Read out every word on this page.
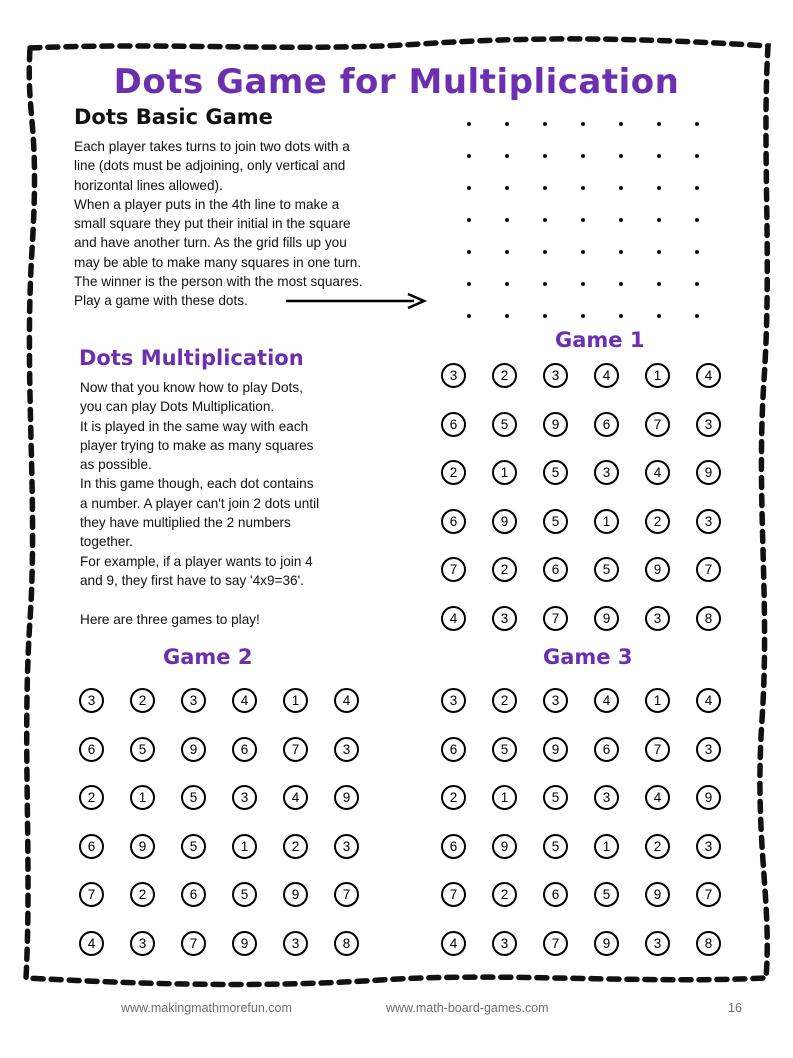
Dots Game for Multiplication
Dots Basic Game
Each player takes turns to join two dots with a
line (dots must be adjoining, only vertical and
horizontal lines allowed).
When a player puts in the 4th line to make a
small square they put their initial in the square
and have another turn. As the grid fills up you
may be able to make many squares in one turn.
The winner is the person with the most squares.
Play a game with these dots.
Dots Multiplication
Now that you know how to play Dots,
you can play Dots Multiplication.
It is played in the same way with each
player trying to make as many squares
as possible.
In this game though, each dot contains
a number. A player can't join 2 dots until
they have multiplied the 2 numbers
together.
For example, if a player wants to join 4
and 9, they first have to say '4x9=36'.

Here are three games to play!
Game 1
3	2	3	4	1	4
6	5	9	6	7	3
2	1	5	3	4	9
6	9	5	1	2	3
7	2	6	5	9	7
4	3	7	9	3	8
Game 2
3	2	3	4	1	4
6	5	9	6	7	3
2	1	5	3	4	9
6	9	5	1	2	3
7	2	6	5	9	7
4	3	7	9	3	8
Game 3
3	2	3	4	1	4
6	5	9	6	7	3
2	1	5	3	4	9
6	9	5	1	2	3
7	2	6	5	9	7
4	3	7	9	3	8

www.makingmathmorefun.com	www.math-board-games.com	16
